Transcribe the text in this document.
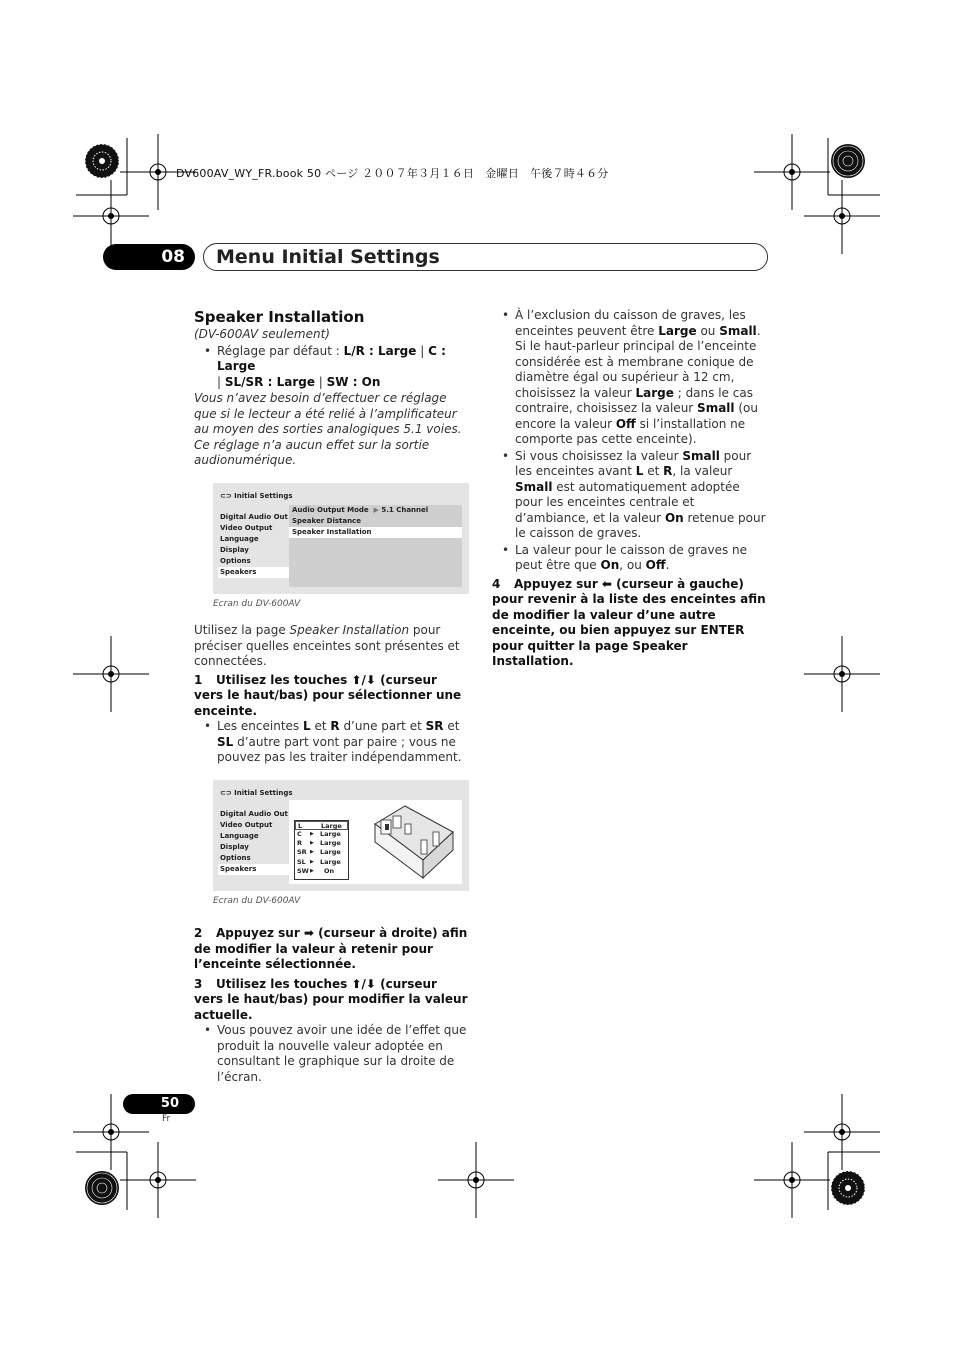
DV600AV_WY_FR.book 50 ページ ２００７年３月１６日　金曜日　午後７時４６分
08	Menu Initial Settings
Speaker Installation
(DV-600AV seulement)
• Réglage par défaut : L/R : Large | C : Large
| SL/SR : Large | SW : On
Vous n’avez besoin d’effectuer ce réglage que si le lecteur a été relié à l’amplificateur au moyen des sorties analogiques 5.1 voies.
Ce réglage n’a aucun effet sur la sortie audionumérique.
⊂⊃ Initial Settings
Digital Audio Out
Video Output
Language
Display
Options
Speakers
Audio Output Mode ▶ 5.1 Channel
Speaker Distance
Speaker Installation
Ecran du DV-600AV
Utilisez la page Speaker Installation pour préciser quelles enceintes sont présentes et connectées.
1 Utilisez les touches ⬆/⬇ (curseur vers le haut/bas) pour sélectionner une enceinte.
• Les enceintes L et R d’une part et SR et SL d’autre part vont par paire ; vous ne pouvez pas les traiter indépendamment.
⊂⊃ Initial Settings
Digital Audio Out
Video Output
Language
Display
Options
Speakers
L	Large
C	▶ Large
R	▶ Large
SR ▶ Large
SL ▶ Large
SW ▶	On
Ecran du DV-600AV
2 Appuyez sur ➡ (curseur à droite) afin de modifier la valeur à retenir pour l’enceinte sélectionnée.
3 Utilisez les touches ⬆/⬇ (curseur vers le haut/bas) pour modifier la valeur actuelle.
• Vous pouvez avoir une idée de l’effet que produit la nouvelle valeur adoptée en consultant le graphique sur la droite de l’écran.
• À l’exclusion du caisson de graves, les enceintes peuvent être Large ou Small. Si le haut-parleur principal de l’enceinte considérée est à membrane conique de diamètre égal ou supérieur à 12 cm, choisissez la valeur Large ; dans le cas contraire, choisissez la valeur Small (ou encore la valeur Off si l’installation ne comporte pas cette enceinte).
• Si vous choisissez la valeur Small pour les enceintes avant L et R, la valeur Small est automatiquement adoptée pour les enceintes centrale et d’ambiance, et la valeur On retenue pour le caisson de graves.
• La valeur pour le caisson de graves ne peut être que On, ou Off.
4 Appuyez sur ⬅ (curseur à gauche) pour revenir à la liste des enceintes afin de modifier la valeur d’une autre enceinte, ou bien appuyez sur ENTER pour quitter la page Speaker Installation.
50
Fr
